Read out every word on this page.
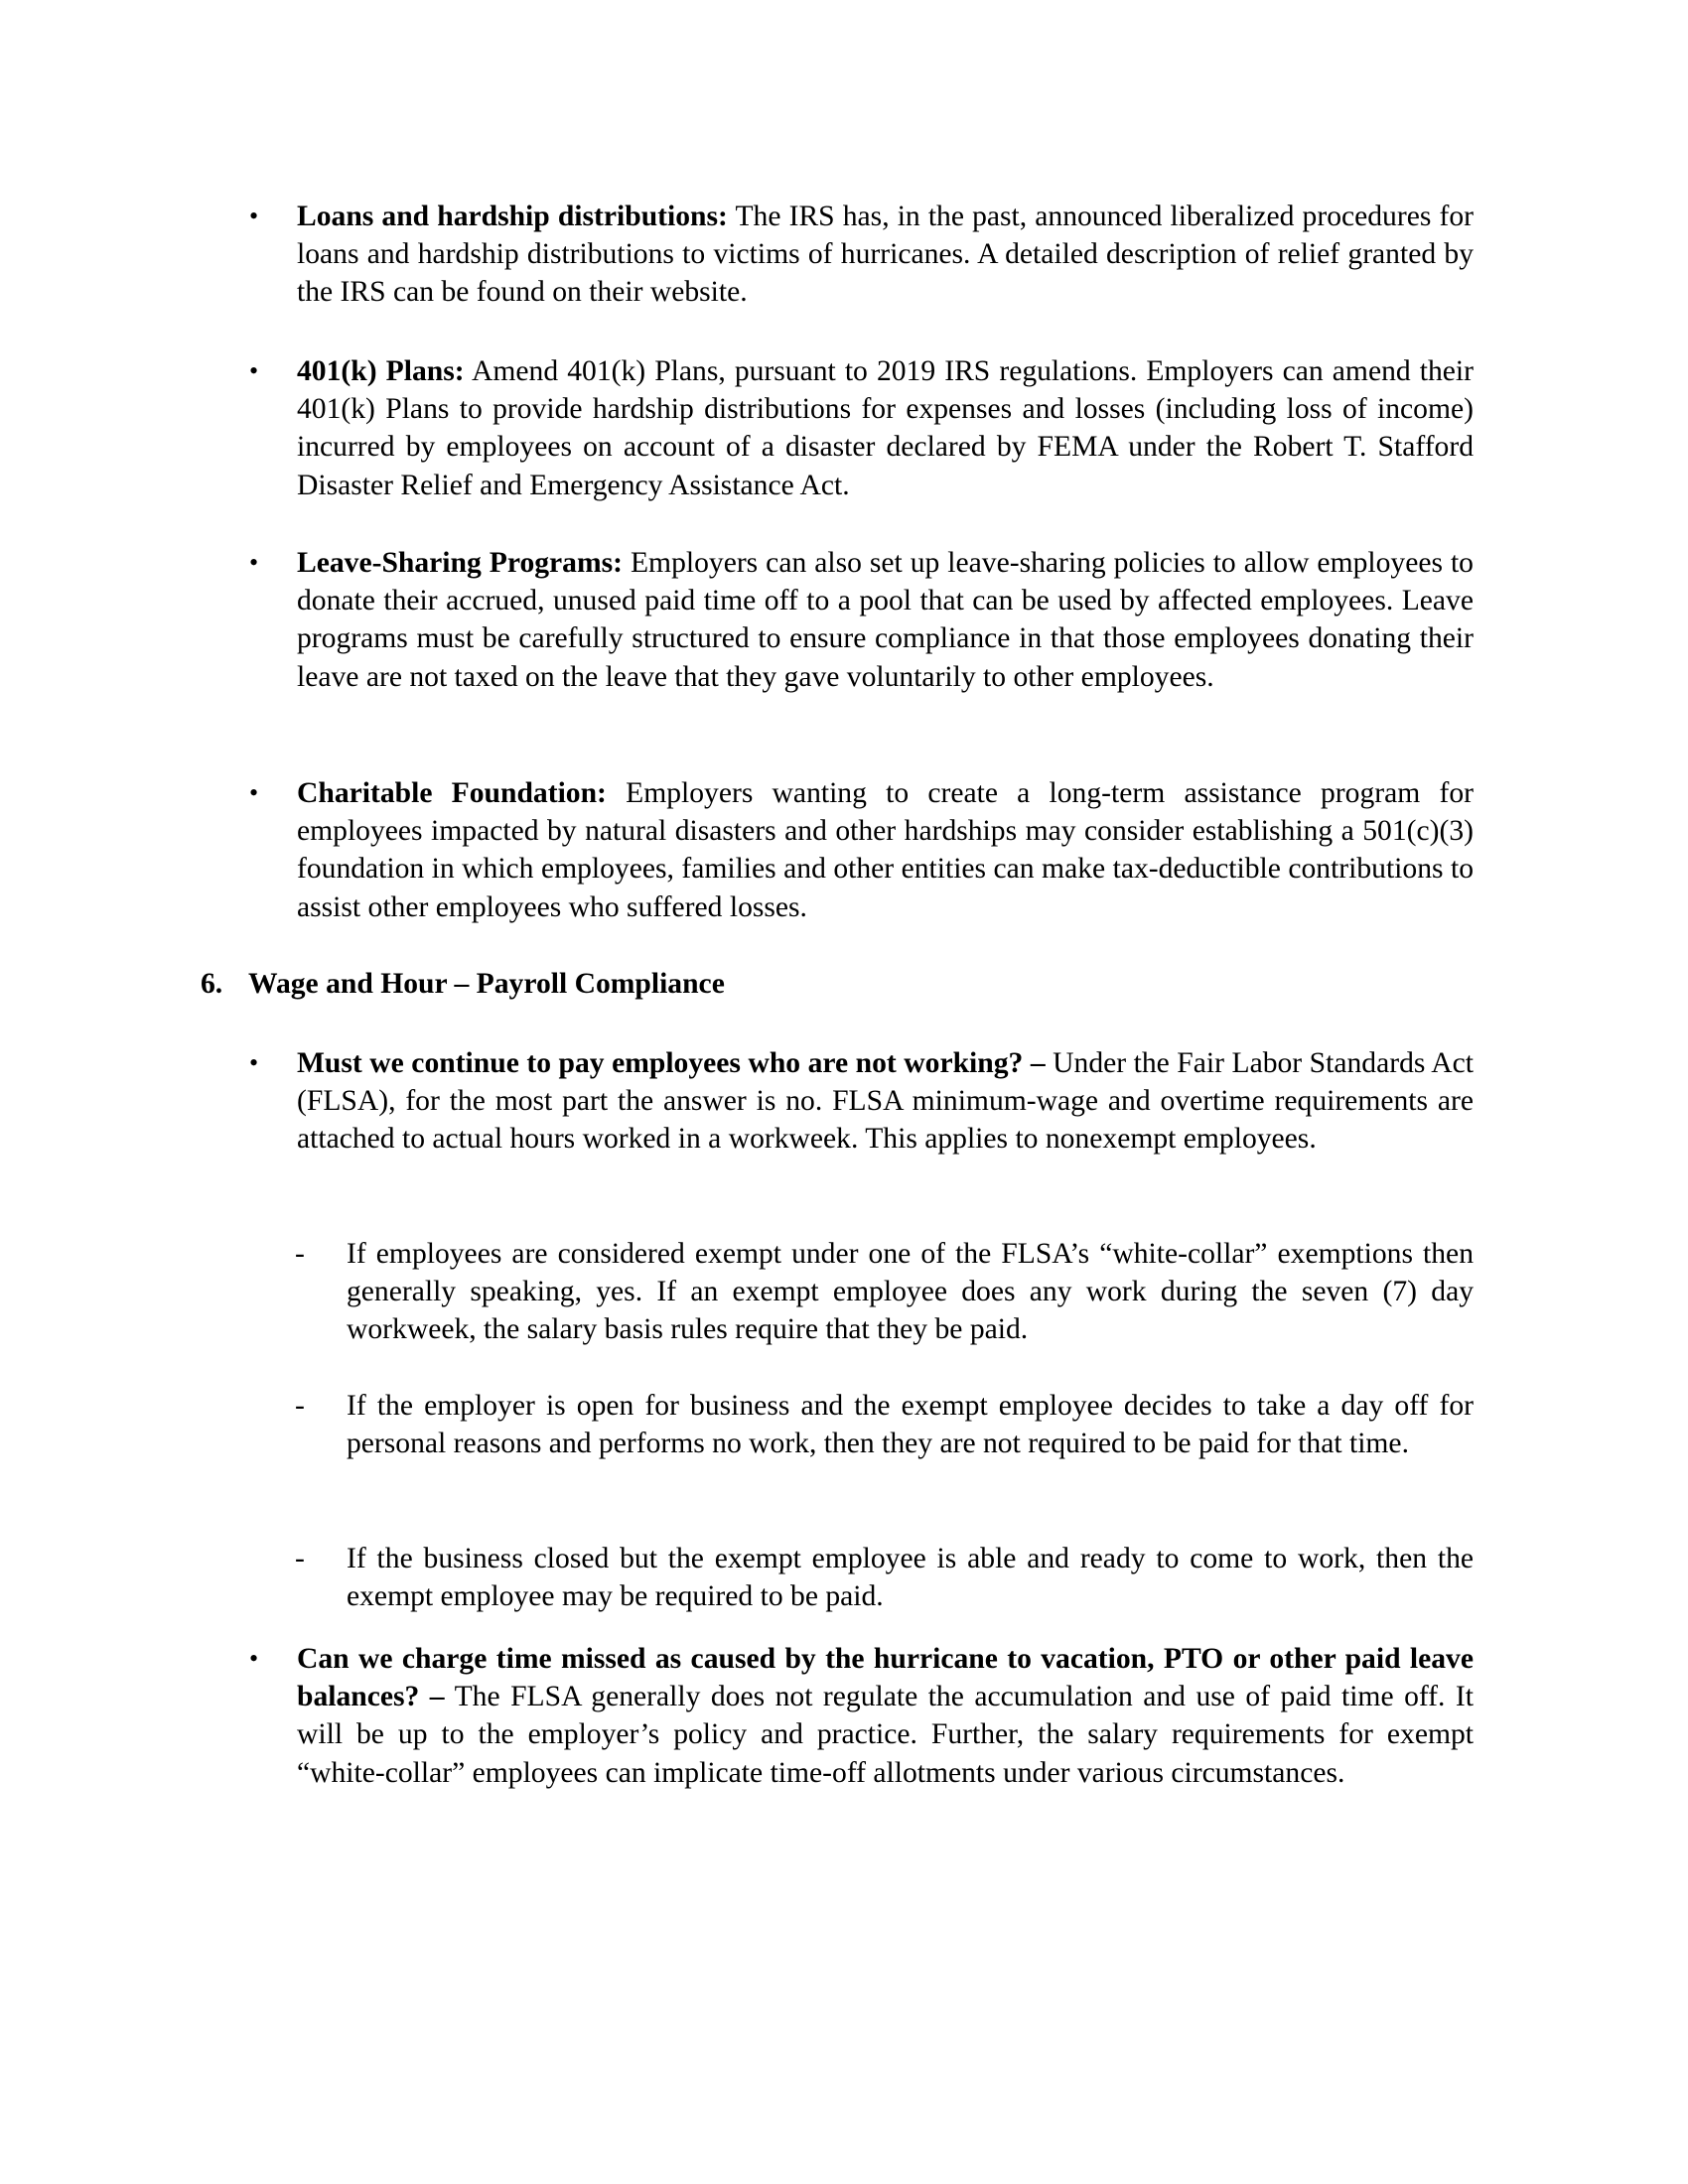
• Loans and hardship distributions: The IRS has, in the past, announced liberalized procedures for loans and hardship distributions to victims of hurricanes. A detailed description of relief granted by the IRS can be found on their website.
• 401(k) Plans: Amend 401(k) Plans, pursuant to 2019 IRS regulations. Employers can amend their 401(k) Plans to provide hardship distributions for expenses and losses (including loss of income) incurred by employees on account of a disaster declared by FEMA under the Robert T. Stafford Disaster Relief and Emergency Assistance Act.
• Leave-Sharing Programs: Employers can also set up leave-sharing policies to allow employees to donate their accrued, unused paid time off to a pool that can be used by affected employees. Leave programs must be carefully structured to ensure compliance in that those employees donating their leave are not taxed on the leave that they gave voluntarily to other employees.
• Charitable Foundation: Employers wanting to create a long-term assistance program for employees impacted by natural disasters and other hardships may consider establishing a 501(c)(3) foundation in which employees, families and other entities can make tax-deductible contributions to assist other employees who suffered losses.
6. Wage and Hour – Payroll Compliance
• Must we continue to pay employees who are not working? – Under the Fair Labor Standards Act (FLSA), for the most part the answer is no. FLSA minimum-wage and overtime requirements are attached to actual hours worked in a workweek. This applies to nonexempt employees.
- If employees are considered exempt under one of the FLSA’s “white-collar” exemptions then generally speaking, yes. If an exempt employee does any work during the seven (7) day workweek, the salary basis rules require that they be paid.
- If the employer is open for business and the exempt employee decides to take a day off for personal reasons and performs no work, then they are not required to be paid for that time.
- If the business closed but the exempt employee is able and ready to come to work, then the exempt employee may be required to be paid.
• Can we charge time missed as caused by the hurricane to vacation, PTO or other paid leave balances? – The FLSA generally does not regulate the accumulation and use of paid time off. It will be up to the employer’s policy and practice. Further, the salary requirements for exempt “white-collar” employees can implicate time-off allotments under various circumstances.
